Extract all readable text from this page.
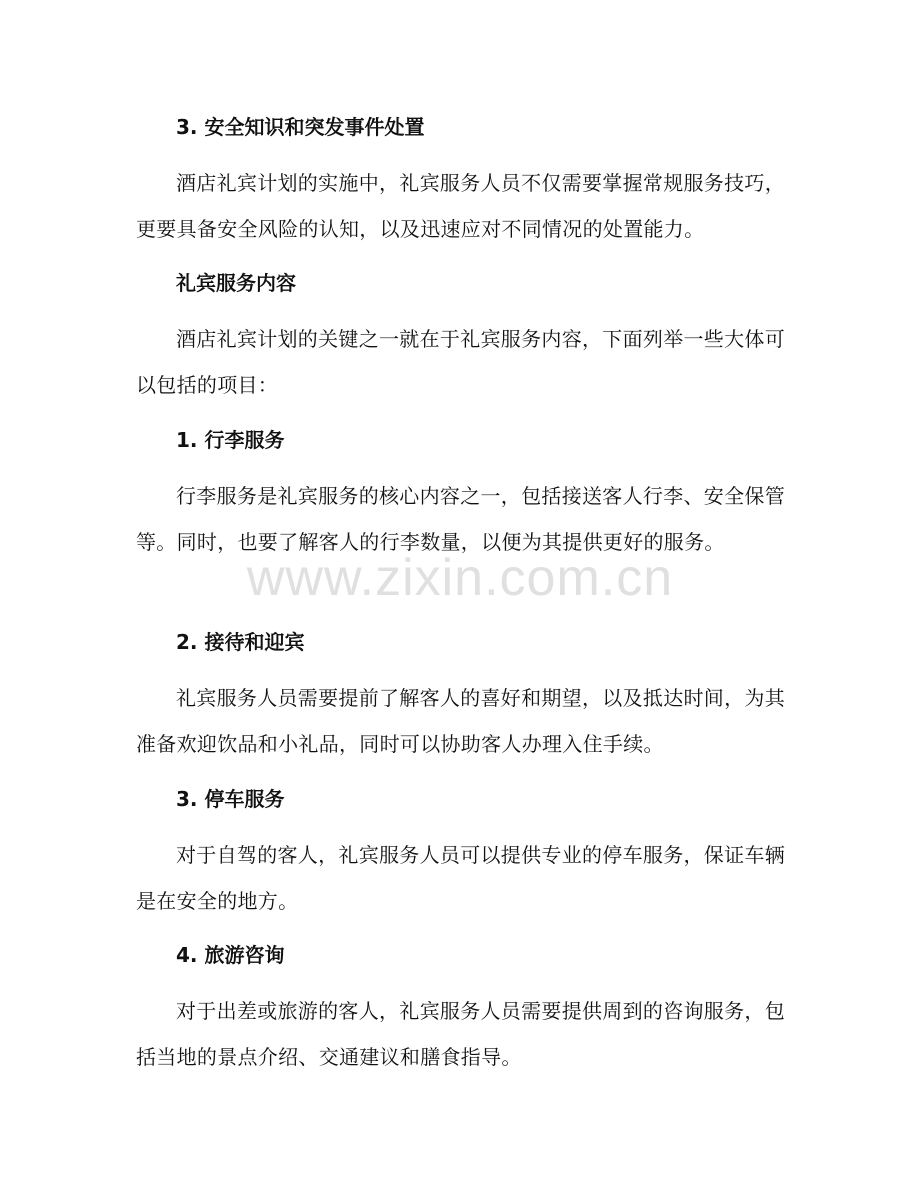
3. 安全知识和突发事件处置
酒店礼宾计划的实施中，礼宾服务人员不仅需要掌握常规服务技巧，更要具备安全风险的认知，以及迅速应对不同情况的处置能力。
礼宾服务内容
酒店礼宾计划的关键之一就在于礼宾服务内容，下面列举一些大体可以包括的项目：
1. 行李服务
行李服务是礼宾服务的核心内容之一，包括接送客人行李、安全保管等。同时，也要了解客人的行李数量，以便为其提供更好的服务。
2. 接待和迎宾
礼宾服务人员需要提前了解客人的喜好和期望，以及抵达时间，为其准备欢迎饮品和小礼品，同时可以协助客人办理入住手续。
3. 停车服务
对于自驾的客人，礼宾服务人员可以提供专业的停车服务，保证车辆是在安全的地方。
4. 旅游咨询
对于出差或旅游的客人，礼宾服务人员需要提供周到的咨询服务，包括当地的景点介绍、交通建议和膳食指导。
www.zixin.com.cn
